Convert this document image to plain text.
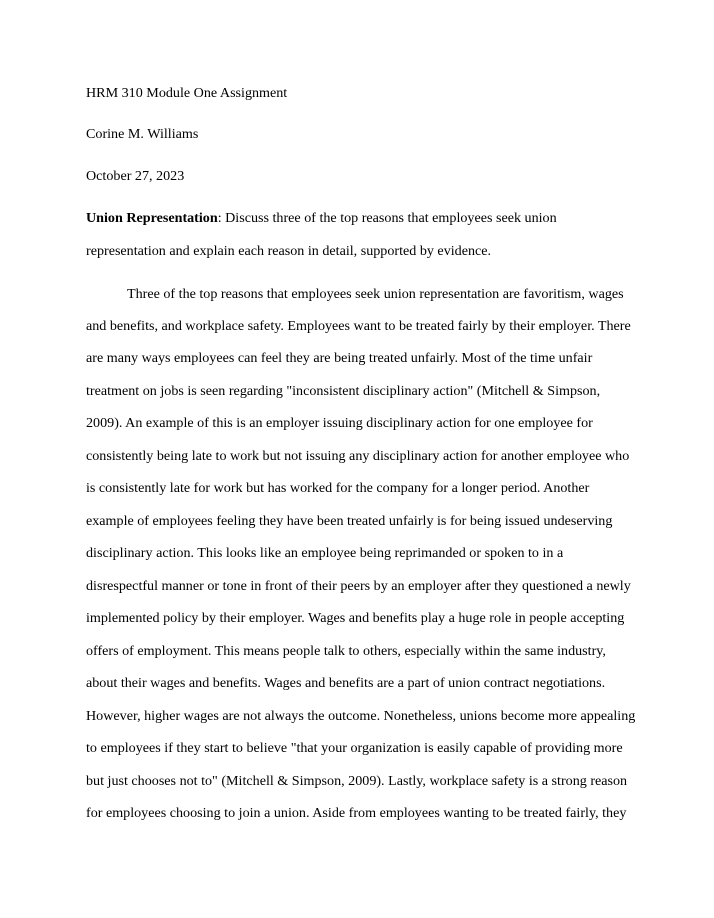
HRM 310 Module One Assignment
Corine M. Williams
October 27, 2023
Union Representation: Discuss three of the top reasons that employees seek union
representation and explain each reason in detail, supported by evidence.
Three of the top reasons that employees seek union representation are favoritism, wages
and benefits, and workplace safety. Employees want to be treated fairly by their employer. There
are many ways employees can feel they are being treated unfairly. Most of the time unfair
treatment on jobs is seen regarding "inconsistent disciplinary action" (Mitchell & Simpson,
2009). An example of this is an employer issuing disciplinary action for one employee for
consistently being late to work but not issuing any disciplinary action for another employee who
is consistently late for work but has worked for the company for a longer period. Another
example of employees feeling they have been treated unfairly is for being issued undeserving
disciplinary action. This looks like an employee being reprimanded or spoken to in a
disrespectful manner or tone in front of their peers by an employer after they questioned a newly
implemented policy by their employer. Wages and benefits play a huge role in people accepting
offers of employment. This means people talk to others, especially within the same industry,
about their wages and benefits. Wages and benefits are a part of union contract negotiations.
However, higher wages are not always the outcome. Nonetheless, unions become more appealing
to employees if they start to believe "that your organization is easily capable of providing more
but just chooses not to" (Mitchell & Simpson, 2009). Lastly, workplace safety is a strong reason
for employees choosing to join a union. Aside from employees wanting to be treated fairly, they
